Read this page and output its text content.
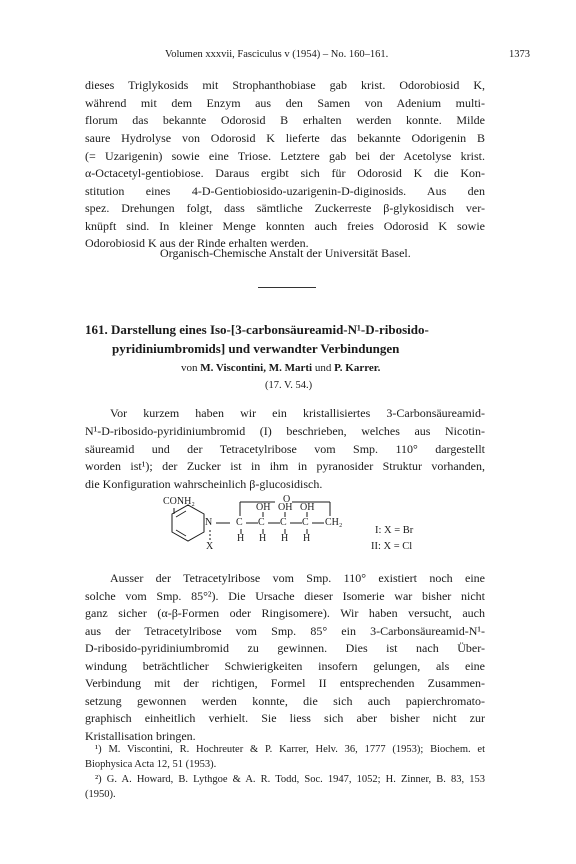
Volumen xxxvii, Fasciculus v (1954) – No. 160–161.	1373
dieses Triglykosids mit Strophanthobiase gab krist. Odorobiosid K,
während mit dem Enzym aus den Samen von Adenium multi-
florum das bekannte Odorosid B erhalten werden konnte. Milde
saure Hydrolyse von Odorosid K lieferte das bekannte Odorigenin B
(= Uzarigenin) sowie eine Triose. Letztere gab bei der Acetolyse krist.
α-Octacetyl-gentiobiose. Daraus ergibt sich für Odorosid K die Kon-
stitution eines 4-D-Gentiobiosido-uzarigenin-D-diginosids. Aus den
spez. Drehungen folgt, dass sämtliche Zuckerreste β-glykosidisch ver-
knüpft sind. In kleiner Menge konnten auch freies Odorosid K sowie
Odorobiosid K aus der Rinde erhalten werden.
Organisch-Chemische Anstalt der Universität Basel.
161. Darstellung eines Iso-[3-carbonsäureamid-N¹-D-ribosido-
pyridiniumbromids] und verwandter Verbindungen
von M. Viscontini, M. Marti und P. Karrer.
(17. V. 54.)
Vor kurzem haben wir ein kristallisiertes 3-Carbonsäureamid-
N¹-D-ribosido-pyridiniumbromid (I) beschrieben, welches aus Nicotin-
säureamid und der Tetracetylribose vom Smp. 110° dargestellt
worden ist¹); der Zucker ist in ihm in pyranosider Struktur vorhanden,
die Konfiguration wahrscheinlich β-glucosidisch.
CONH₂
N
X
O
C C C C
OH OH OH
H H H H
CH₂
I: X = Br
II: X = Cl
Ausser der Tetracetylribose vom Smp. 110° existiert noch eine
solche vom Smp. 85°²). Die Ursache dieser Isomerie war bisher nicht
ganz sicher (α-β-Formen oder Ringisomere). Wir haben versucht, auch
aus der Tetracetylribose vom Smp. 85° ein 3-Carbonsäureamid-N¹-
D-ribosido-pyridiniumbromid zu gewinnen. Dies ist nach Über-
windung beträchtlicher Schwierigkeiten insofern gelungen, als eine
Verbindung mit der richtigen, Formel II entsprechenden Zusammen-
setzung gewonnen werden konnte, die sich auch papierchromato-
graphisch einheitlich verhielt. Sie liess sich aber bisher nicht zur
Kristallisation bringen.
¹) M. Viscontini, R. Hochreuter & P. Karrer, Helv. 36, 1777 (1953); Biochem. et
Biophysica Acta 12, 51 (1953).
²) G. A. Howard, B. Lythgoe & A. R. Todd, Soc. 1947, 1052; H. Zinner, B. 83, 153
(1950).
